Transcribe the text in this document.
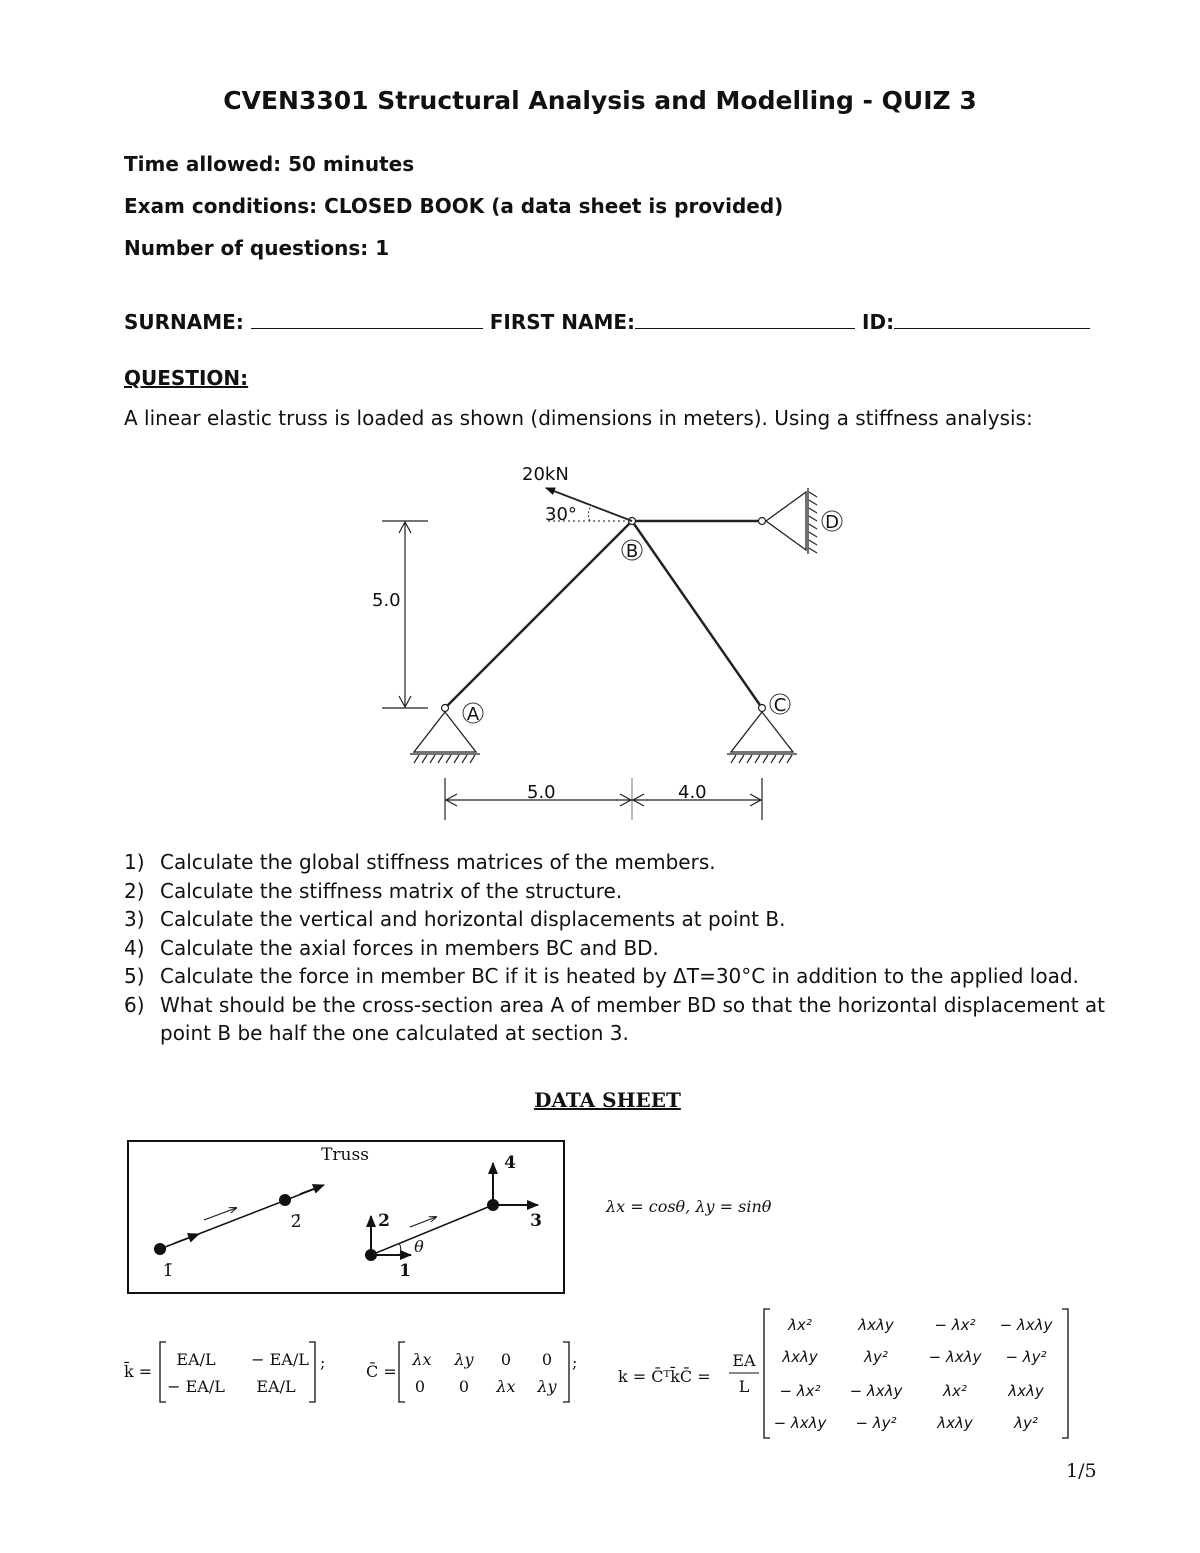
CVEN3301 Structural Analysis and Modelling - QUIZ 3
Time allowed: 50 minutes
Exam conditions: CLOSED BOOK (a data sheet is provided)
Number of questions: 1
SURNAME:	FIRST NAME:	ID:
QUESTION:
A linear elastic truss is loaded as shown (dimensions in meters). Using a stiffness analysis:
A
B
C
D
20kN
30°
5.0
5.0	4.0
1) Calculate the global stiffness matrices of the members.
2) Calculate the stiffness matrix of the structure.
3) Calculate the vertical and horizontal displacements at point B.
4) Calculate the axial forces in members BC and BD.
5) Calculate the force in member BC if it is heated by ΔT=30°C in addition to the applied load.
6) What should be the cross-section area A of member BD so that the horizontal displacement at point B be half the one calculated at section 3.
DATA SHEET
Truss
1̄
2̄
1
2	3
4
θ
λx = cosθ, λy = sinθ
k̄ =
EA/L − EA/L
− EA/L EA/L
;	C̄ =
λx λy 0 0
0 0 λx λy
;
k = C̄ᵀk̄C̄ =
EA
L
λx²	λxλy	− λx² − λxλy
λxλy	λy²	− λxλy − λy²
− λx² − λxλy	λx²	λxλy
− λxλy − λy²	λxλy	λy²
1/5
